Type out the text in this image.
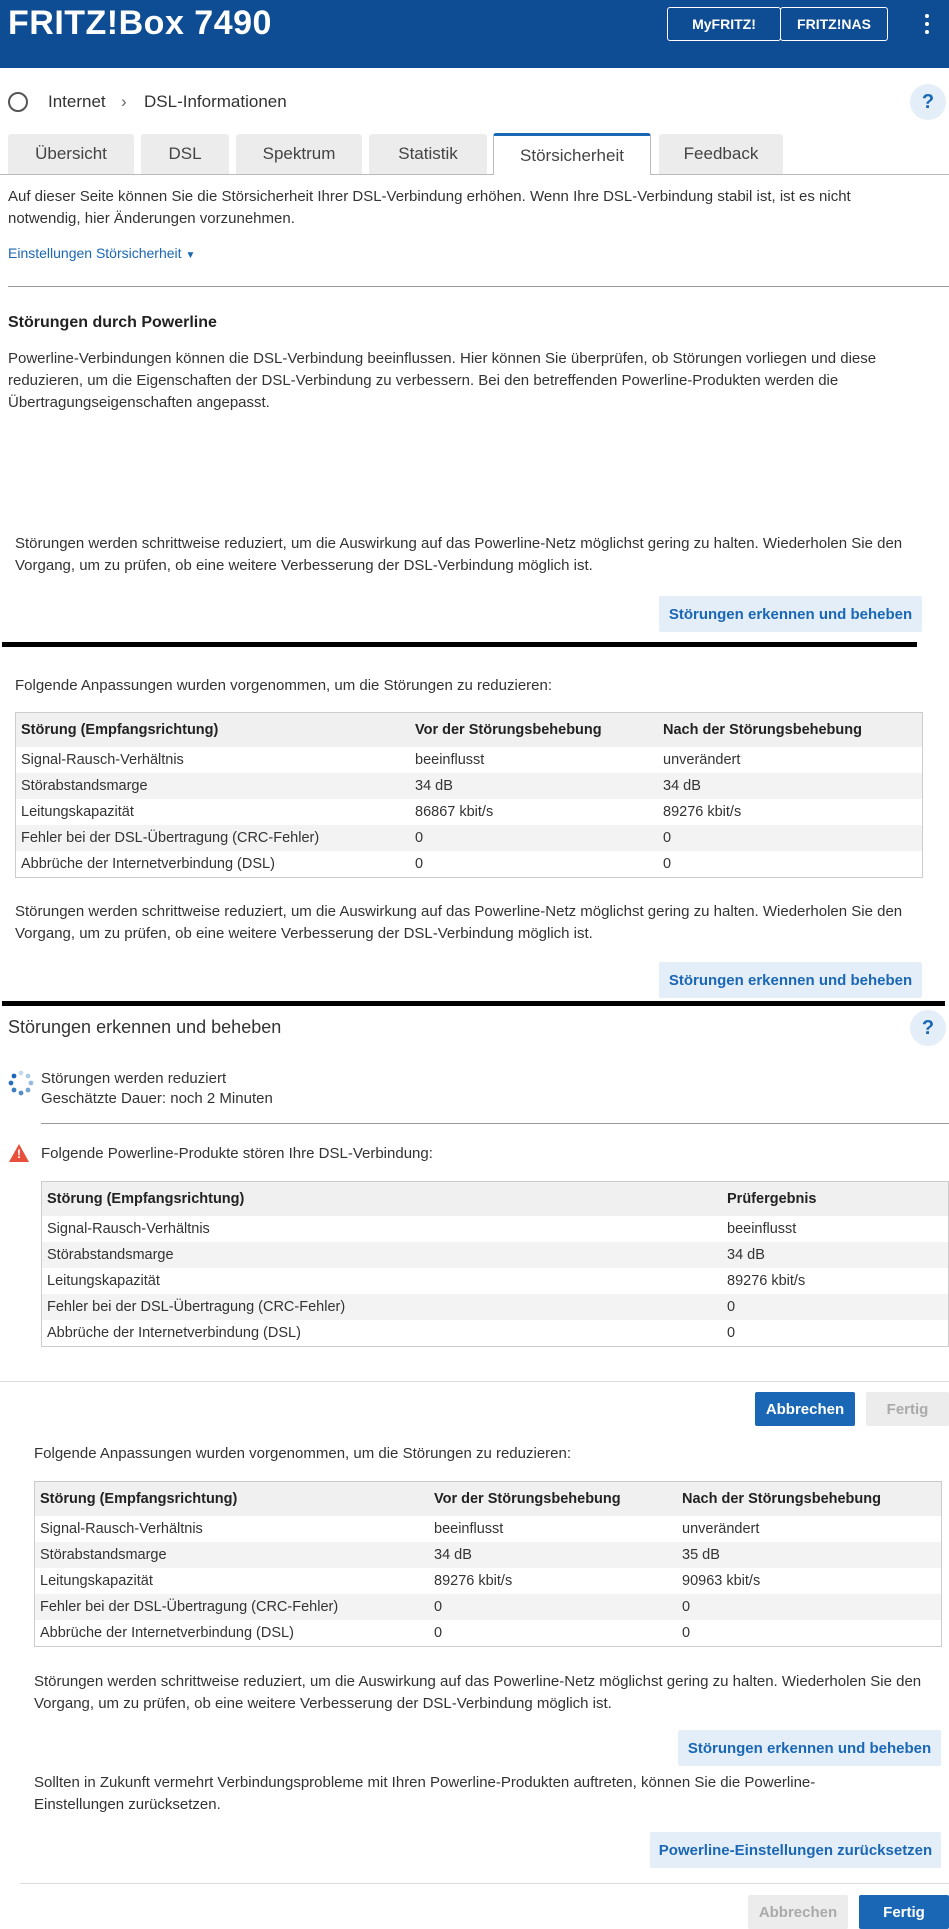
FRITZ!Box 7490	MyFRITZ!	FRITZ!NAS
Internet › DSL-Informationen	?
Übersicht	DSL	Spektrum	Statistik	Störsicherheit	Feedback
Auf dieser Seite können Sie die Störsicherheit Ihrer DSL-Verbindung erhöhen. Wenn Ihre DSL-Verbindung stabil ist, ist es nicht notwendig, hier Änderungen vorzunehmen.
Einstellungen Störsicherheit ▼
Störungen durch Powerline
Powerline-Verbindungen können die DSL-Verbindung beeinflussen. Hier können Sie überprüfen, ob Störungen vorliegen und diese reduzieren, um die Eigenschaften der DSL-Verbindung zu verbessern. Bei den betreffenden Powerline-Produkten werden die Übertragungseigenschaften angepasst.
Störungen werden schrittweise reduziert, um die Auswirkung auf das Powerline-Netz möglichst gering zu halten. Wiederholen Sie den Vorgang, um zu prüfen, ob eine weitere Verbesserung der DSL-Verbindung möglich ist.
Störungen erkennen und beheben
Folgende Anpassungen wurden vorgenommen, um die Störungen zu reduzieren:
Störung (Empfangsrichtung)	Vor der Störungsbehebung	Nach der Störungsbehebung
Signal-Rausch-Verhältnis	beeinflusst	unverändert
Störabstandsmarge	34 dB	34 dB
Leitungskapazität	86867 kbit/s	89276 kbit/s
Fehler bei der DSL-Übertragung (CRC-Fehler)	0	0
Abbrüche der Internetverbindung (DSL)	0	0
Störungen werden schrittweise reduziert, um die Auswirkung auf das Powerline-Netz möglichst gering zu halten. Wiederholen Sie den Vorgang, um zu prüfen, ob eine weitere Verbesserung der DSL-Verbindung möglich ist.
Störungen erkennen und beheben
Störungen erkennen und beheben	?
Störungen werden reduziert
Geschätzte Dauer: noch 2 Minuten
! Folgende Powerline-Produkte stören Ihre DSL-Verbindung:
Störung (Empfangsrichtung)	Prüfergebnis
Signal-Rausch-Verhältnis	beeinflusst
Störabstandsmarge	34 dB
Leitungskapazität	89276 kbit/s
Fehler bei der DSL-Übertragung (CRC-Fehler)	0
Abbrüche der Internetverbindung (DSL)	0
Abbrechen	Fertig
Folgende Anpassungen wurden vorgenommen, um die Störungen zu reduzieren:
Störung (Empfangsrichtung)	Vor der Störungsbehebung	Nach der Störungsbehebung
Signal-Rausch-Verhältnis	beeinflusst	unverändert
Störabstandsmarge	34 dB	35 dB
Leitungskapazität	89276 kbit/s	90963 kbit/s
Fehler bei der DSL-Übertragung (CRC-Fehler)	0	0
Abbrüche der Internetverbindung (DSL)	0	0
Störungen werden schrittweise reduziert, um die Auswirkung auf das Powerline-Netz möglichst gering zu halten. Wiederholen Sie den Vorgang, um zu prüfen, ob eine weitere Verbesserung der DSL-Verbindung möglich ist.
Störungen erkennen und beheben
Sollten in Zukunft vermehrt Verbindungsprobleme mit Ihren Powerline-Produkten auftreten, können Sie die Powerline-Einstellungen zurücksetzen.
Powerline-Einstellungen zurücksetzen
Abbrechen	Fertig
